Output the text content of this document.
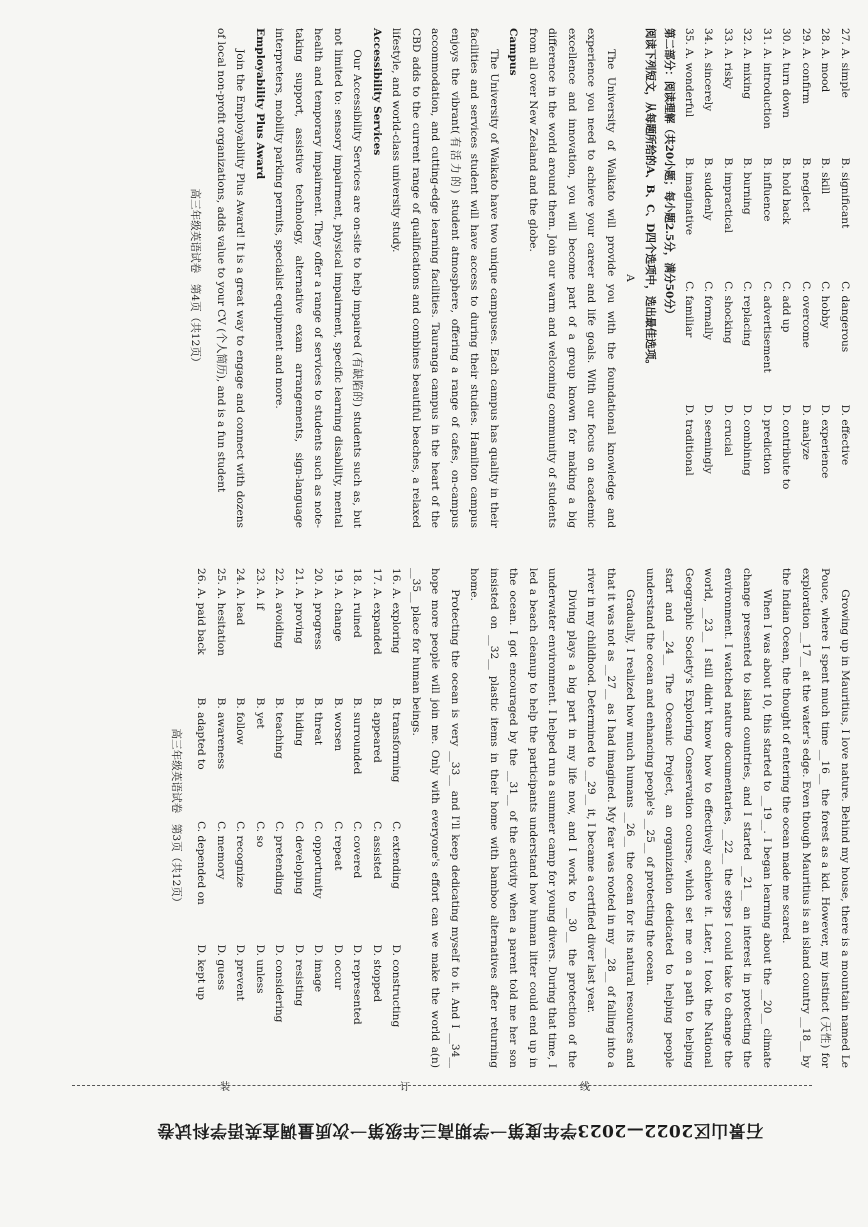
Growing up in Mauritius, I love nature. Behind my house, there is a mountain named Le Pouce, where I spent much time __16__ the forest as a kid. However, my instinct (天性) for exploration __17__ at the water's edge. Even though Mauritius is an island country __18__ by the Indian Ocean, the thought of entering the ocean made me scared.

When I was about 10, this started to __19__. I began learning about the __20__ climate change presented to island countries, and I started __21__ an interest in protecting the environment. I watched nature documentaries, __22__ the steps I could take to change the world, __23__ I still didn't know how to effectively achieve it. Later, I took the National Geographic Society's Exploring Conservation course, which set me on a path to helping start and __24__ The Oceanic Project, an organization dedicated to helping people understand the ocean and enhancing people's __25__ of protecting the ocean.

Gradually, I realized how much humans __26__ the ocean for its natural resources and that it was not as __27__ as I had imagined. My fear was rooted in my __28__ of falling into a river in my childhood. Determined to __29__ it, I became a certified diver last year.

Diving plays a big part in my life now, and I work to __30__ the protection of the underwater environment. I helped run a summer camp for young divers. During that time, I led a beach cleanup to help the participants understand how human litter could end up in the ocean. I got encouraged by the __31__ of the activity when a parent told me her son insisted on __32__ plastic items in their home with bamboo alternatives after returning home.

Protecting the ocean is very __33__ and I'll keep dedicating myself to it. And I __34__ hope more people will join me. Only with everyone's effort can we make the world a(n) __35__ place for human beings.

16. A. exploring
B. transforming
C. extending
D. constructing
17. A. expanded
B. appeared
C. assisted
D. stopped
18. A. ruined
B. surrounded
C. covered
D. represented
19. A. change
B. worsen
C. repeat
D. occur
20. A. progress
B. threat
C. opportunity
D. image
21. A. proving
B. hiding
C. developing
D. resisting
22. A. avoiding
B. teaching
C. pretending
D. considering
23. A. if
B. yet
C. so
D. unless
24. A. lead
B. follow
C. recognize
D. prevent
25. A. hesitation
B. awareness
C. memory
D. guess
26. A. paid back
B. adapted to
C. depended on
D. kept up
高三年级英语试卷　第3页（共12页）
27. A. simple
B. significant
C. dangerous
D. effective
28. A. mood
B. skill
C. hobby
D. experience
29. A. confirm
B. neglect
C. overcome
D. analyze
30. A. turn down
B. hold back
C. add up
D. contribute to
31. A. introduction
B. influence
C. advertisement
D. prediction
32. A. mixing
B. burning
C. replacing
D. combining
33. A. risky
B. impractical
C. shocking
D. crucial
34. A. sincerely
B. suddenly
C. formally
D. seemingly
35. A. wonderful
B. imaginative
C. familiar
D. traditional

第二部分：阅读理解（共20小题；每小题2.5分，满分50分）

阅读下列短文，从每题所给的A、B、C、D四个选项中，选出最佳选项。

A

The University of Waikato will provide you with the foundational knowledge and experience you need to achieve your career and life goals. With our focus on academic excellence and innovation, you will become part of a group known for making a big difference in the world around them. Join our warm and welcoming community of students from all over New Zealand and the globe.

Campus

The University of Waikato have two unique campuses. Each campus has quality in their facilities and services student will have access to during their studies. Hamilton campus enjoys the vibrant(有活力的) student atmosphere, offering a range of cafes, on-campus accommodation, and cutting-edge learning facilities. Tauranga campus in the heart of the CBD adds to the current range of qualifications and combines beautiful beaches, a relaxed lifestyle, and world-class university study.

Accessibility Services

Our Accessibility Services are on-site to help impaired (有缺陷的) students such as, but not limited to: sensory impairment, physical impairment, specific learning disability, mental health and temporary impairment. They offer a range of services to students such as note-taking support, assistive technology, alternative exam arrangements, sign-language interpreters, mobility parking permits, specialist equipment and more.

Employability Plus Award

Join the Employability Plus Award! It is a great way to engage and connect with dozens of local non-profit organizations, adds value to your CV (个人简历), and is a fun student

高三年级英语试卷　第4页（共12页）
装	订	线
石景山区2022—2023学年度第一学期高三年级第一次质量调查英语学科试卷
